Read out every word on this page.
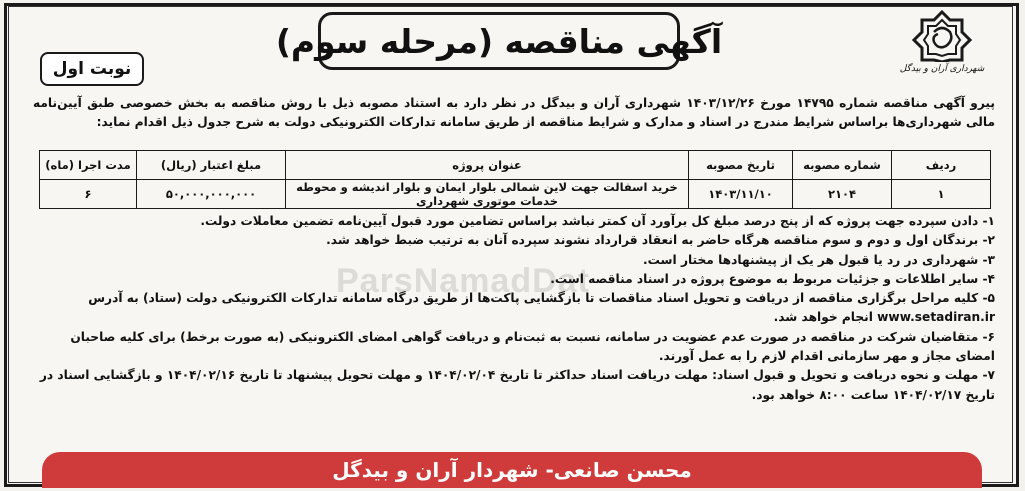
شهرداری آران و بیدگل
آگهی مناقصه (مرحله سوم)
نوبت اول
پیرو آگهی مناقصه شماره ۱۴۷۹۵ مورخ ۱۴۰۳/۱۲/۲۶ شهرداری آران و بیدگل در نظر دارد به استناد مصوبه ذیل با روش مناقصه به بخش خصوصی طبق آیین‌نامه مالی شهرداری‌ها براساس شرایط مندرج در اسناد و مدارک و شرایط مناقصه از طریق سامانه تدارکات الکترونیکی دولت به شرح جدول ذیل اقدام نماید:
ردیف	شماره مصوبه	تاریخ مصوبه	عنوان پروژه	مبلغ اعتبار (ریال)	مدت اجرا (ماه)
۱	۲۱۰۴	۱۴۰۳/۱۱/۱۰	خرید اسفالت جهت لاین شمالی بلوار ایمان و بلوار اندیشه و محوطه خدمات موتوری شهرداری	۵۰,۰۰۰,۰۰۰,۰۰۰	۶
ParsNamadDat

۱- دادن سپرده جهت پروژه که از پنج درصد مبلغ کل برآورد آن کمتر نباشد براساس تضامین مورد قبول آیین‌نامه تضمین معاملات دولت.

۲- برندگان اول و دوم و سوم مناقصه هرگاه حاضر به انعقاد قرارداد نشوند سپرده آنان به ترتیب ضبط خواهد شد.

۳- شهرداری در رد یا قبول هر یک از پیشنهادها مختار است.

۴- سایر اطلاعات و جزئیات مربوط به موضوع پروژه در اسناد مناقصه است.

۵- کلیه مراحل برگزاری مناقصه از دریافت و تحویل اسناد مناقصات تا بازگشایی پاکت‌ها از طریق درگاه سامانه تدارکات الکترونیکی دولت (ستاد) به آدرس www.setadiran.ir انجام خواهد شد.

۶- متقاضیان شرکت در مناقصه در صورت عدم عضویت در سامانه، نسبت به ثبت‌نام و دریافت گواهی امضای الکترونیکی (به صورت برخط) برای کلیه صاحبان امضای مجاز و مهر سازمانی اقدام لازم را به عمل آورند.

۷- مهلت و نحوه دریافت و تحویل و قبول اسناد: مهلت دریافت اسناد حداکثر تا تاریخ ۱۴۰۴/۰۲/۰۴ و مهلت تحویل پیشنهاد تا تاریخ ۱۴۰۴/۰۲/۱۶ و بازگشایی اسناد در تاریخ ۱۴۰۴/۰۲/۱۷ ساعت ۸:۰۰ خواهد بود.

محسن صانعی- شهردار آران و بیدگل
